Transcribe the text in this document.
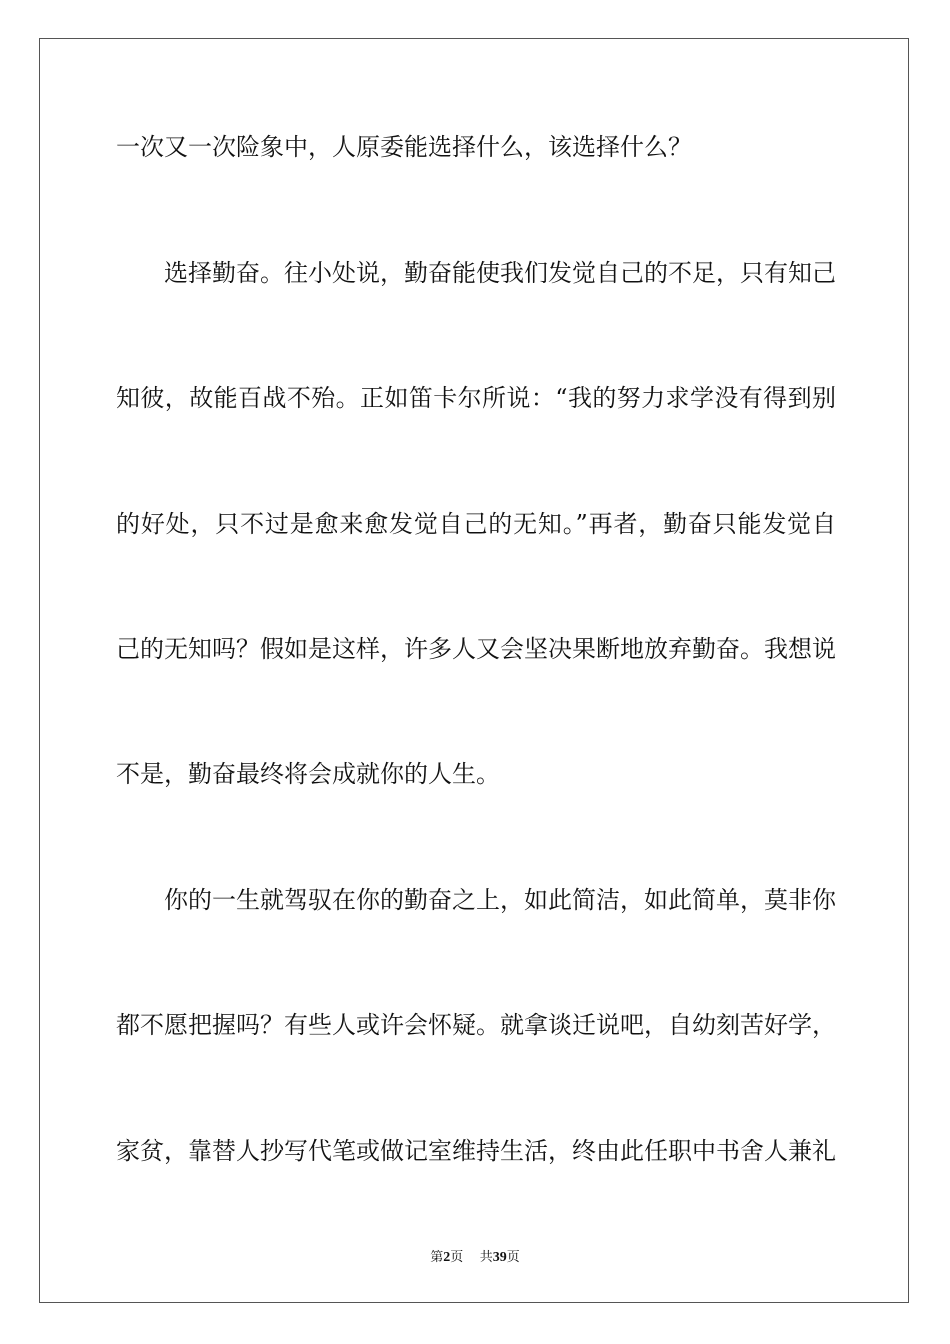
一次又一次险象中，人原委能选择什么，该选择什么？

选择勤奋。往小处说，勤奋能使我们发觉自己的不足，只有知己

知彼，故能百战不殆。正如笛卡尔所说：“我的努力求学没有得到别

的好处，只不过是愈来愈发觉自己的无知。”再者，勤奋只能发觉自

己的无知吗？假如是这样，许多人又会坚决果断地放弃勤奋。我想说

不是，勤奋最终将会成就你的人生。

你的一生就驾驭在你的勤奋之上，如此简洁，如此简单，莫非你

都不愿把握吗？有些人或许会怀疑。就拿谈迁说吧，自幼刻苦好学，

家贫，靠替人抄写代笔或做记室维持生活，终由此任职中书舍人兼礼

第2页 共39页
